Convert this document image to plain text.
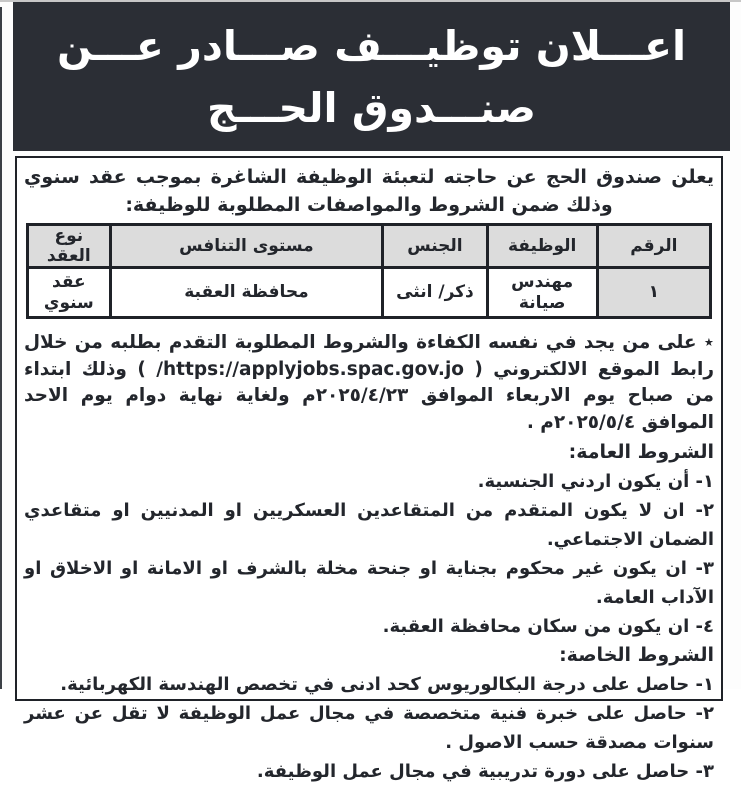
اعـــلان توظيـــف صـــادر عـــن
صنـــدوق الحـــج
يعلن صندوق الحج عن حاجته لتعبئة الوظيفة الشاغرة بموجب عقد سنوي وذلك ضمن الشروط والمواصفات المطلوبة للوظيفة:
الرقم	الوظيفة	الجنس	مستوى التنافس	نوع العقد
١	مهندس صيانة	ذكر/ انثى	محافظة العقبة	عقد سنوي
٭ على من يجد في نفسه الكفاءة والشروط المطلوبة التقدم بطلبه من خلال رابط الموقع الالكتروني ( https://applyjobs.spac.gov.jo/ ) وذلك ابتداء من صباح يوم الاربعاء الموافق ٢٠٢٥/٤/٢٣م ولغاية نهاية دوام يوم الاحد الموافق ٢٠٢٥/٥/٤م .
الشروط العامة:
١- أن يكون اردني الجنسية.
٢- ان لا يكون المتقدم من المتقاعدين العسكريين او المدنيين او متقاعدي الضمان الاجتماعي.
٣- ان يكون غير محكوم بجناية او جنحة مخلة بالشرف او الامانة او الاخلاق او الآداب العامة.
٤- ان يكون من سكان محافظة العقبة.
الشروط الخاصة:
١- حاصل على درجة البكالوريوس كحد ادنى في تخصص الهندسة الكهربائية.
٢- حاصل على خبرة فنية متخصصة في مجال عمل الوظيفة لا تقل عن عشر سنوات مصدقة حسب الاصول .
٣- حاصل على دورة تدريبية في مجال عمل الوظيفة.
